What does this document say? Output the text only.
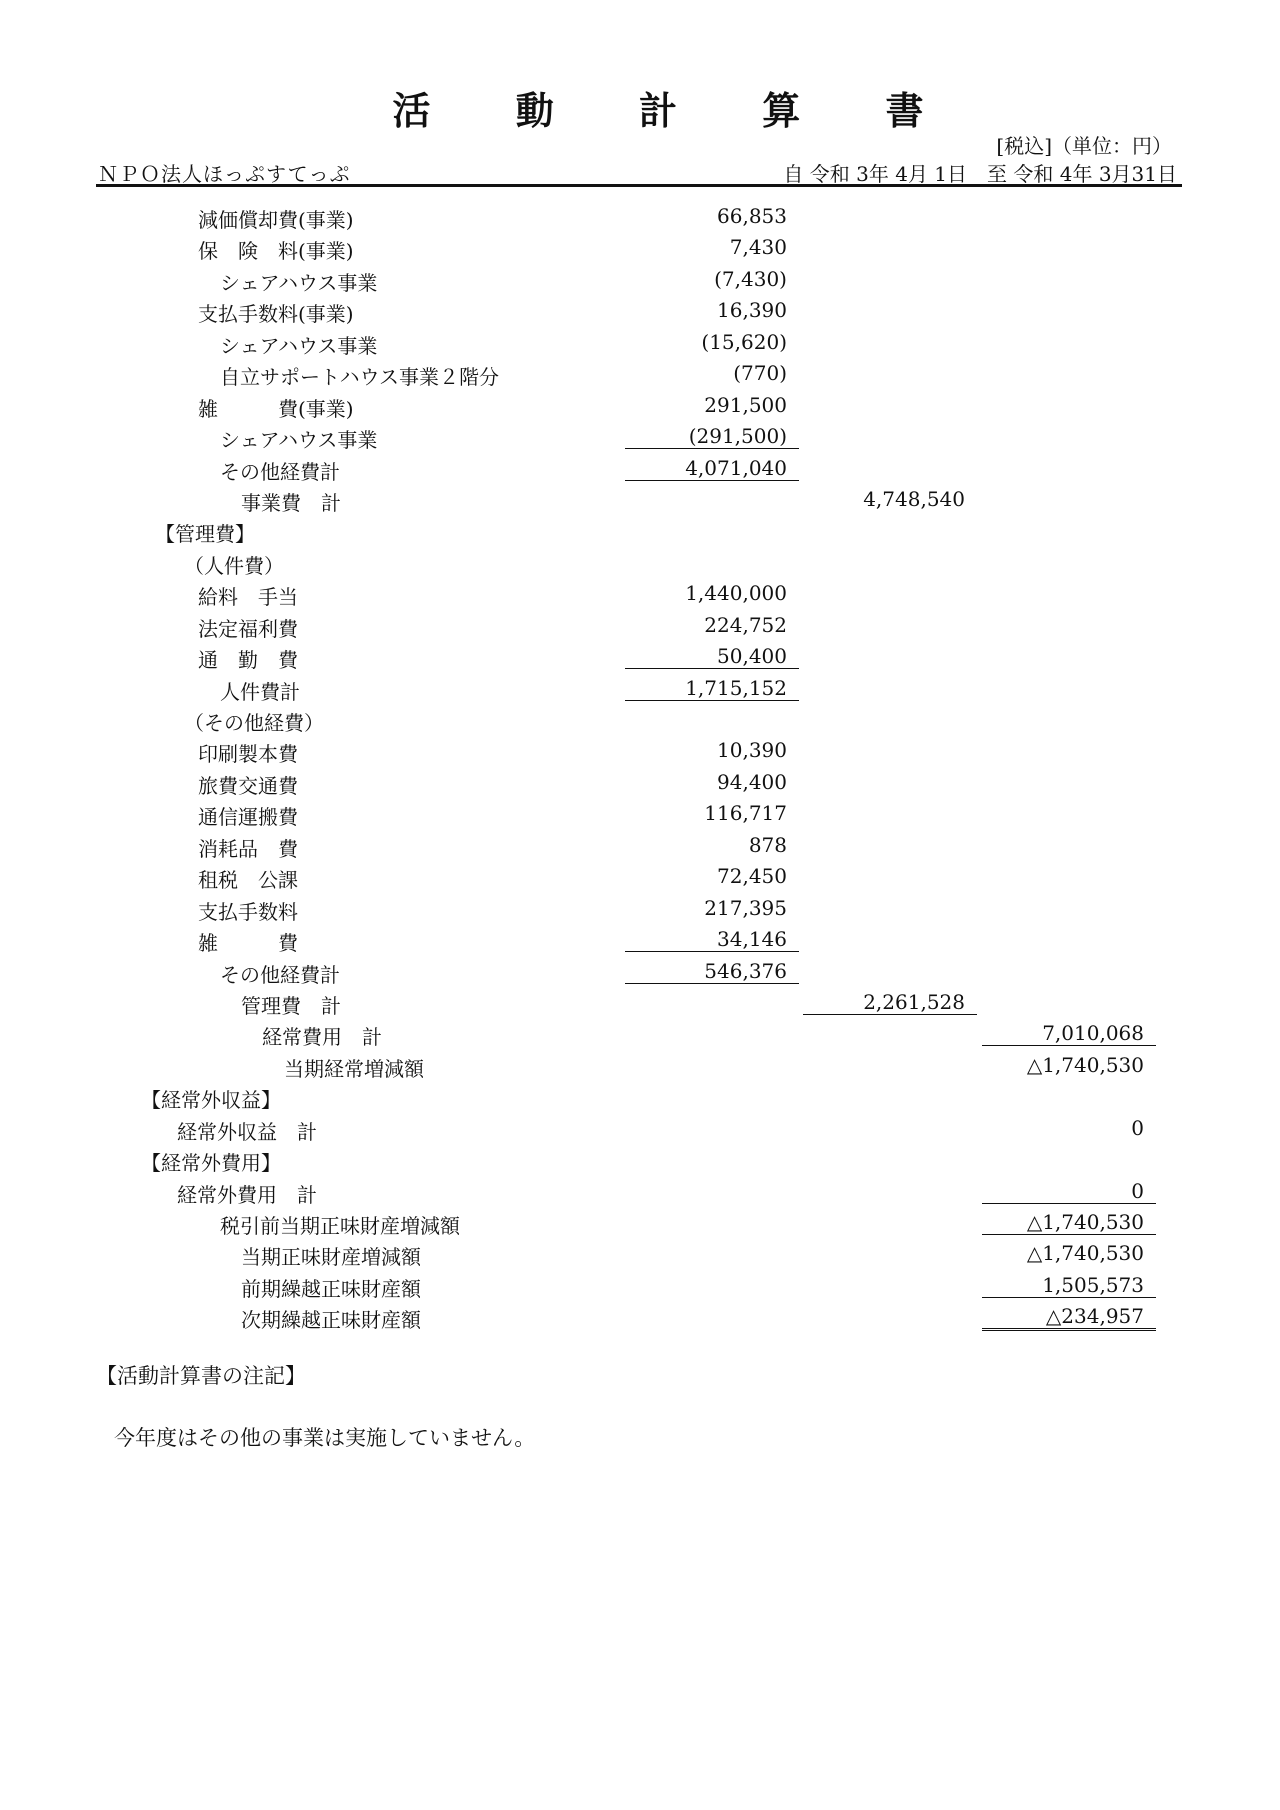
活 動 計 算 書
[税込]（単位：円）
ＮＰＯ法人ほっぷすてっぷ	自 令和 3年 4月 1日　至 令和 4年 3月31日
減価償却費(事業)	66,853
保　険　料(事業)	7,430
シェアハウス事業	(7,430)
支払手数料(事業)	16,390
シェアハウス事業	(15,620)
自立サポートハウス事業２階分	(770)
雑　　　費(事業)	291,500
シェアハウス事業	(291,500)
その他経費計	4,071,040
事業費　計	4,748,540
【管理費】
（人件費）
給料　手当	1,440,000
法定福利費	224,752
通　勤　費	50,400
人件費計	1,715,152
（その他経費）
印刷製本費	10,390
旅費交通費	94,400
通信運搬費	116,717
消耗品　費	878
租税　公課	72,450
支払手数料	217,395
雑　　　費	34,146
その他経費計	546,376
管理費　計	2,261,528
経常費用　計	7,010,068
当期経常増減額	△1,740,530
【経常外収益】
経常外収益　計	0
【経常外費用】
経常外費用　計	0
税引前当期正味財産増減額	△1,740,530
当期正味財産増減額	△1,740,530
前期繰越正味財産額	1,505,573
次期繰越正味財産額	△234,957
【活動計算書の注記】
今年度はその他の事業は実施していません。
